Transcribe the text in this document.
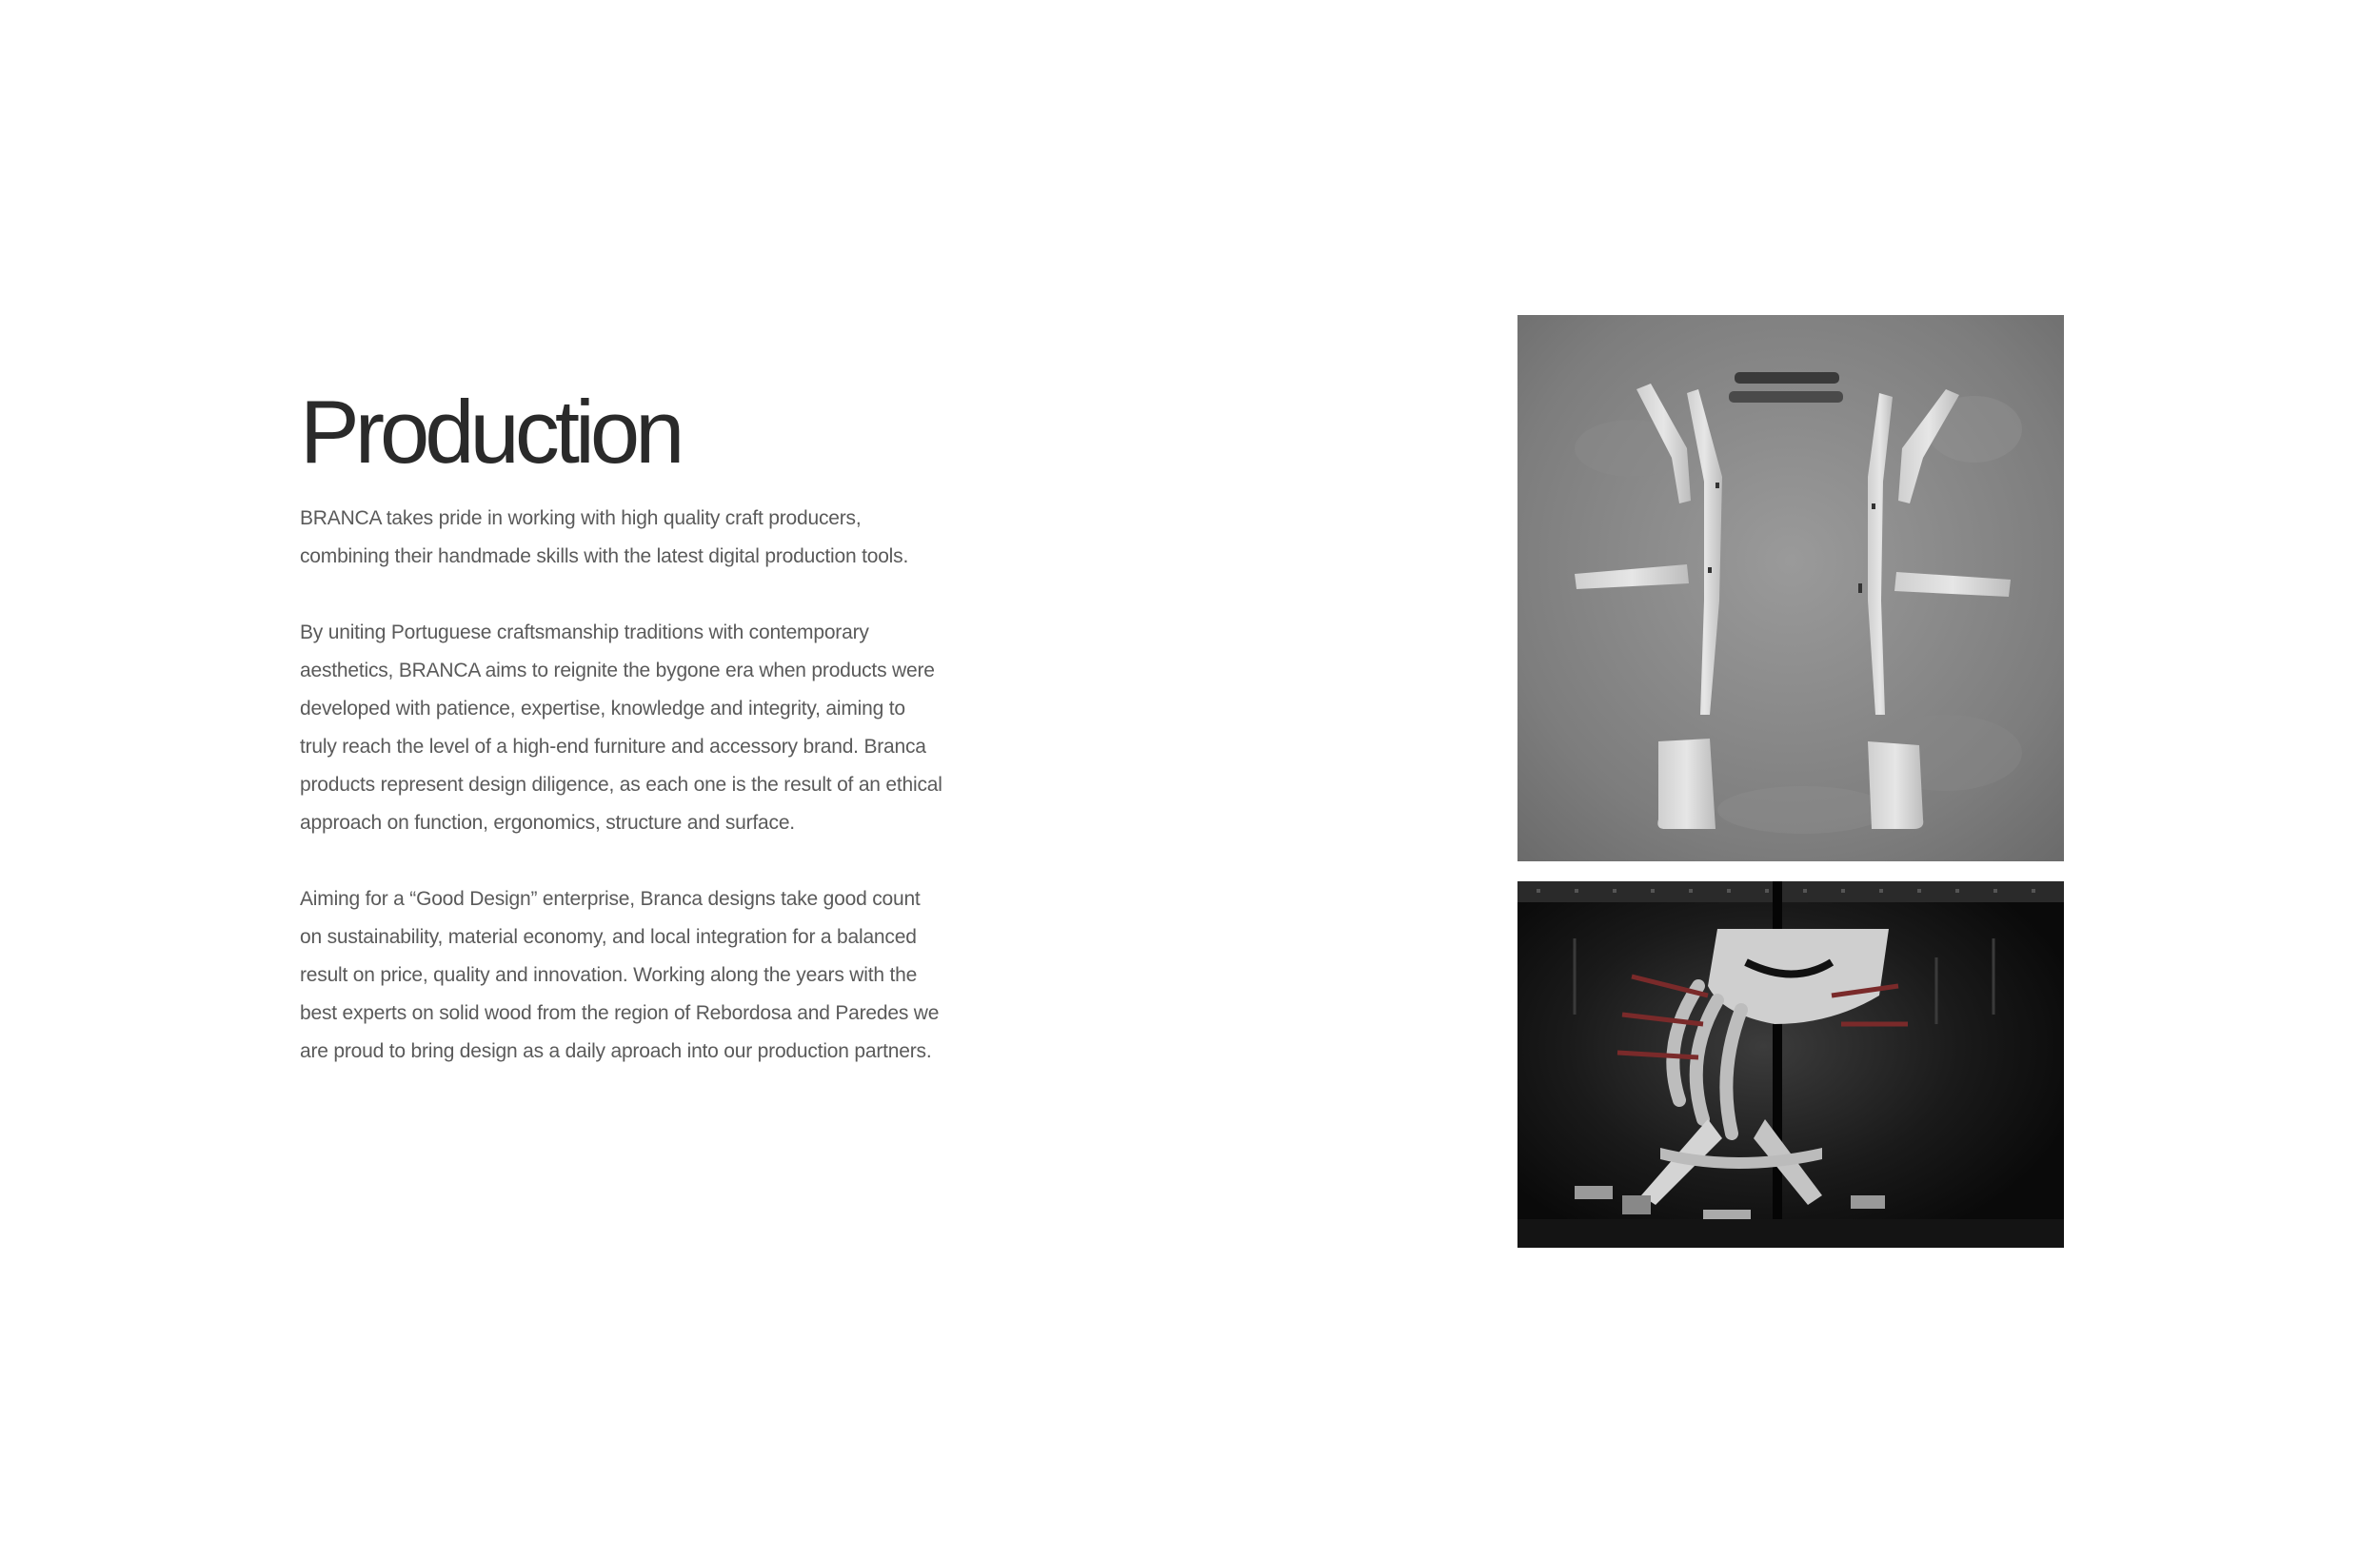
Production

BRANCA takes pride in working with high quality craft producers, combining their handmade skills with the latest digital production tools.

By uniting Portuguese craftsmanship traditions with contemporary aesthetics, BRANCA aims to reignite the bygone era when products were developed with patience, expertise, knowledge and integrity, aiming to truly reach the level of a high-end furniture and accessory brand. Branca products represent design diligence, as each one is the result of an ethical approach on function, ergonomics, structure and surface.

Aiming for a “Good Design” enterprise, Branca designs take good count on sustainability, material economy, and local integration for a balanced result on price, quality and innovation. Working along the years with the best experts on solid wood from the region of Rebordosa and Paredes we are proud to bring design as a daily aproach into our production partners.
